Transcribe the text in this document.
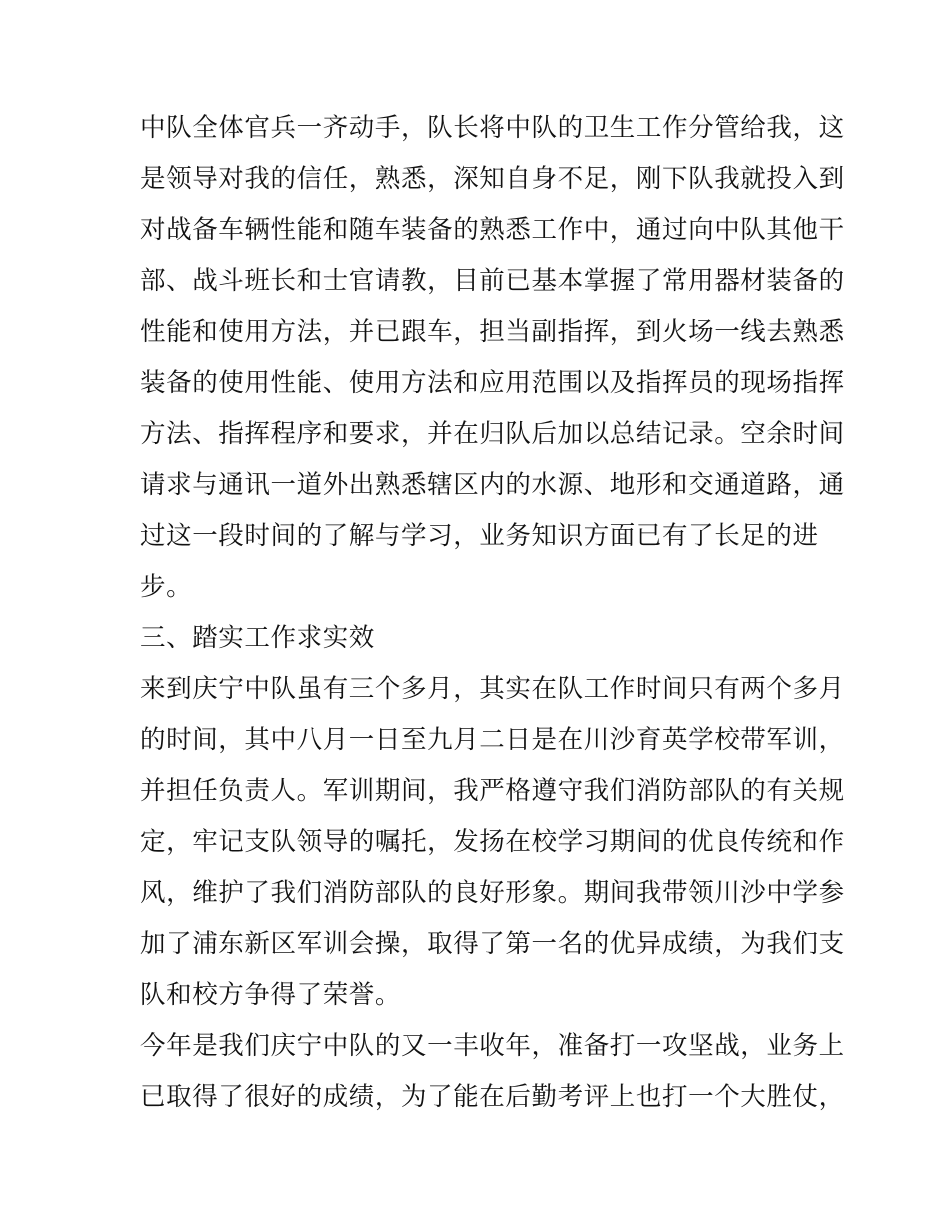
中队全体官兵一齐动手，队长将中队的卫生工作分管给我，这
是领导对我的信任，熟悉，深知自身不足，刚下队我就投入到
对战备车辆性能和随车装备的熟悉工作中，通过向中队其他干
部、战斗班长和士官请教，目前已基本掌握了常用器材装备的
性能和使用方法，并已跟车，担当副指挥，到火场一线去熟悉
装备的使用性能、使用方法和应用范围以及指挥员的现场指挥
方法、指挥程序和要求，并在归队后加以总结记录。空余时间
请求与通讯一道外出熟悉辖区内的水源、地形和交通道路，通
过这一段时间的了解与学习，业务知识方面已有了长足的进
步。
三、踏实工作求实效
来到庆宁中队虽有三个多月，其实在队工作时间只有两个多月
的时间，其中八月一日至九月二日是在川沙育英学校带军训，
并担任负责人。军训期间，我严格遵守我们消防部队的有关规
定，牢记支队领导的嘱托，发扬在校学习期间的优良传统和作
风，维护了我们消防部队的良好形象。期间我带领川沙中学参
加了浦东新区军训会操，取得了第一名的优异成绩，为我们支
队和校方争得了荣誉。
今年是我们庆宁中队的又一丰收年，准备打一攻坚战，业务上
已取得了很好的成绩，为了能在后勤考评上也打一个大胜仗，
